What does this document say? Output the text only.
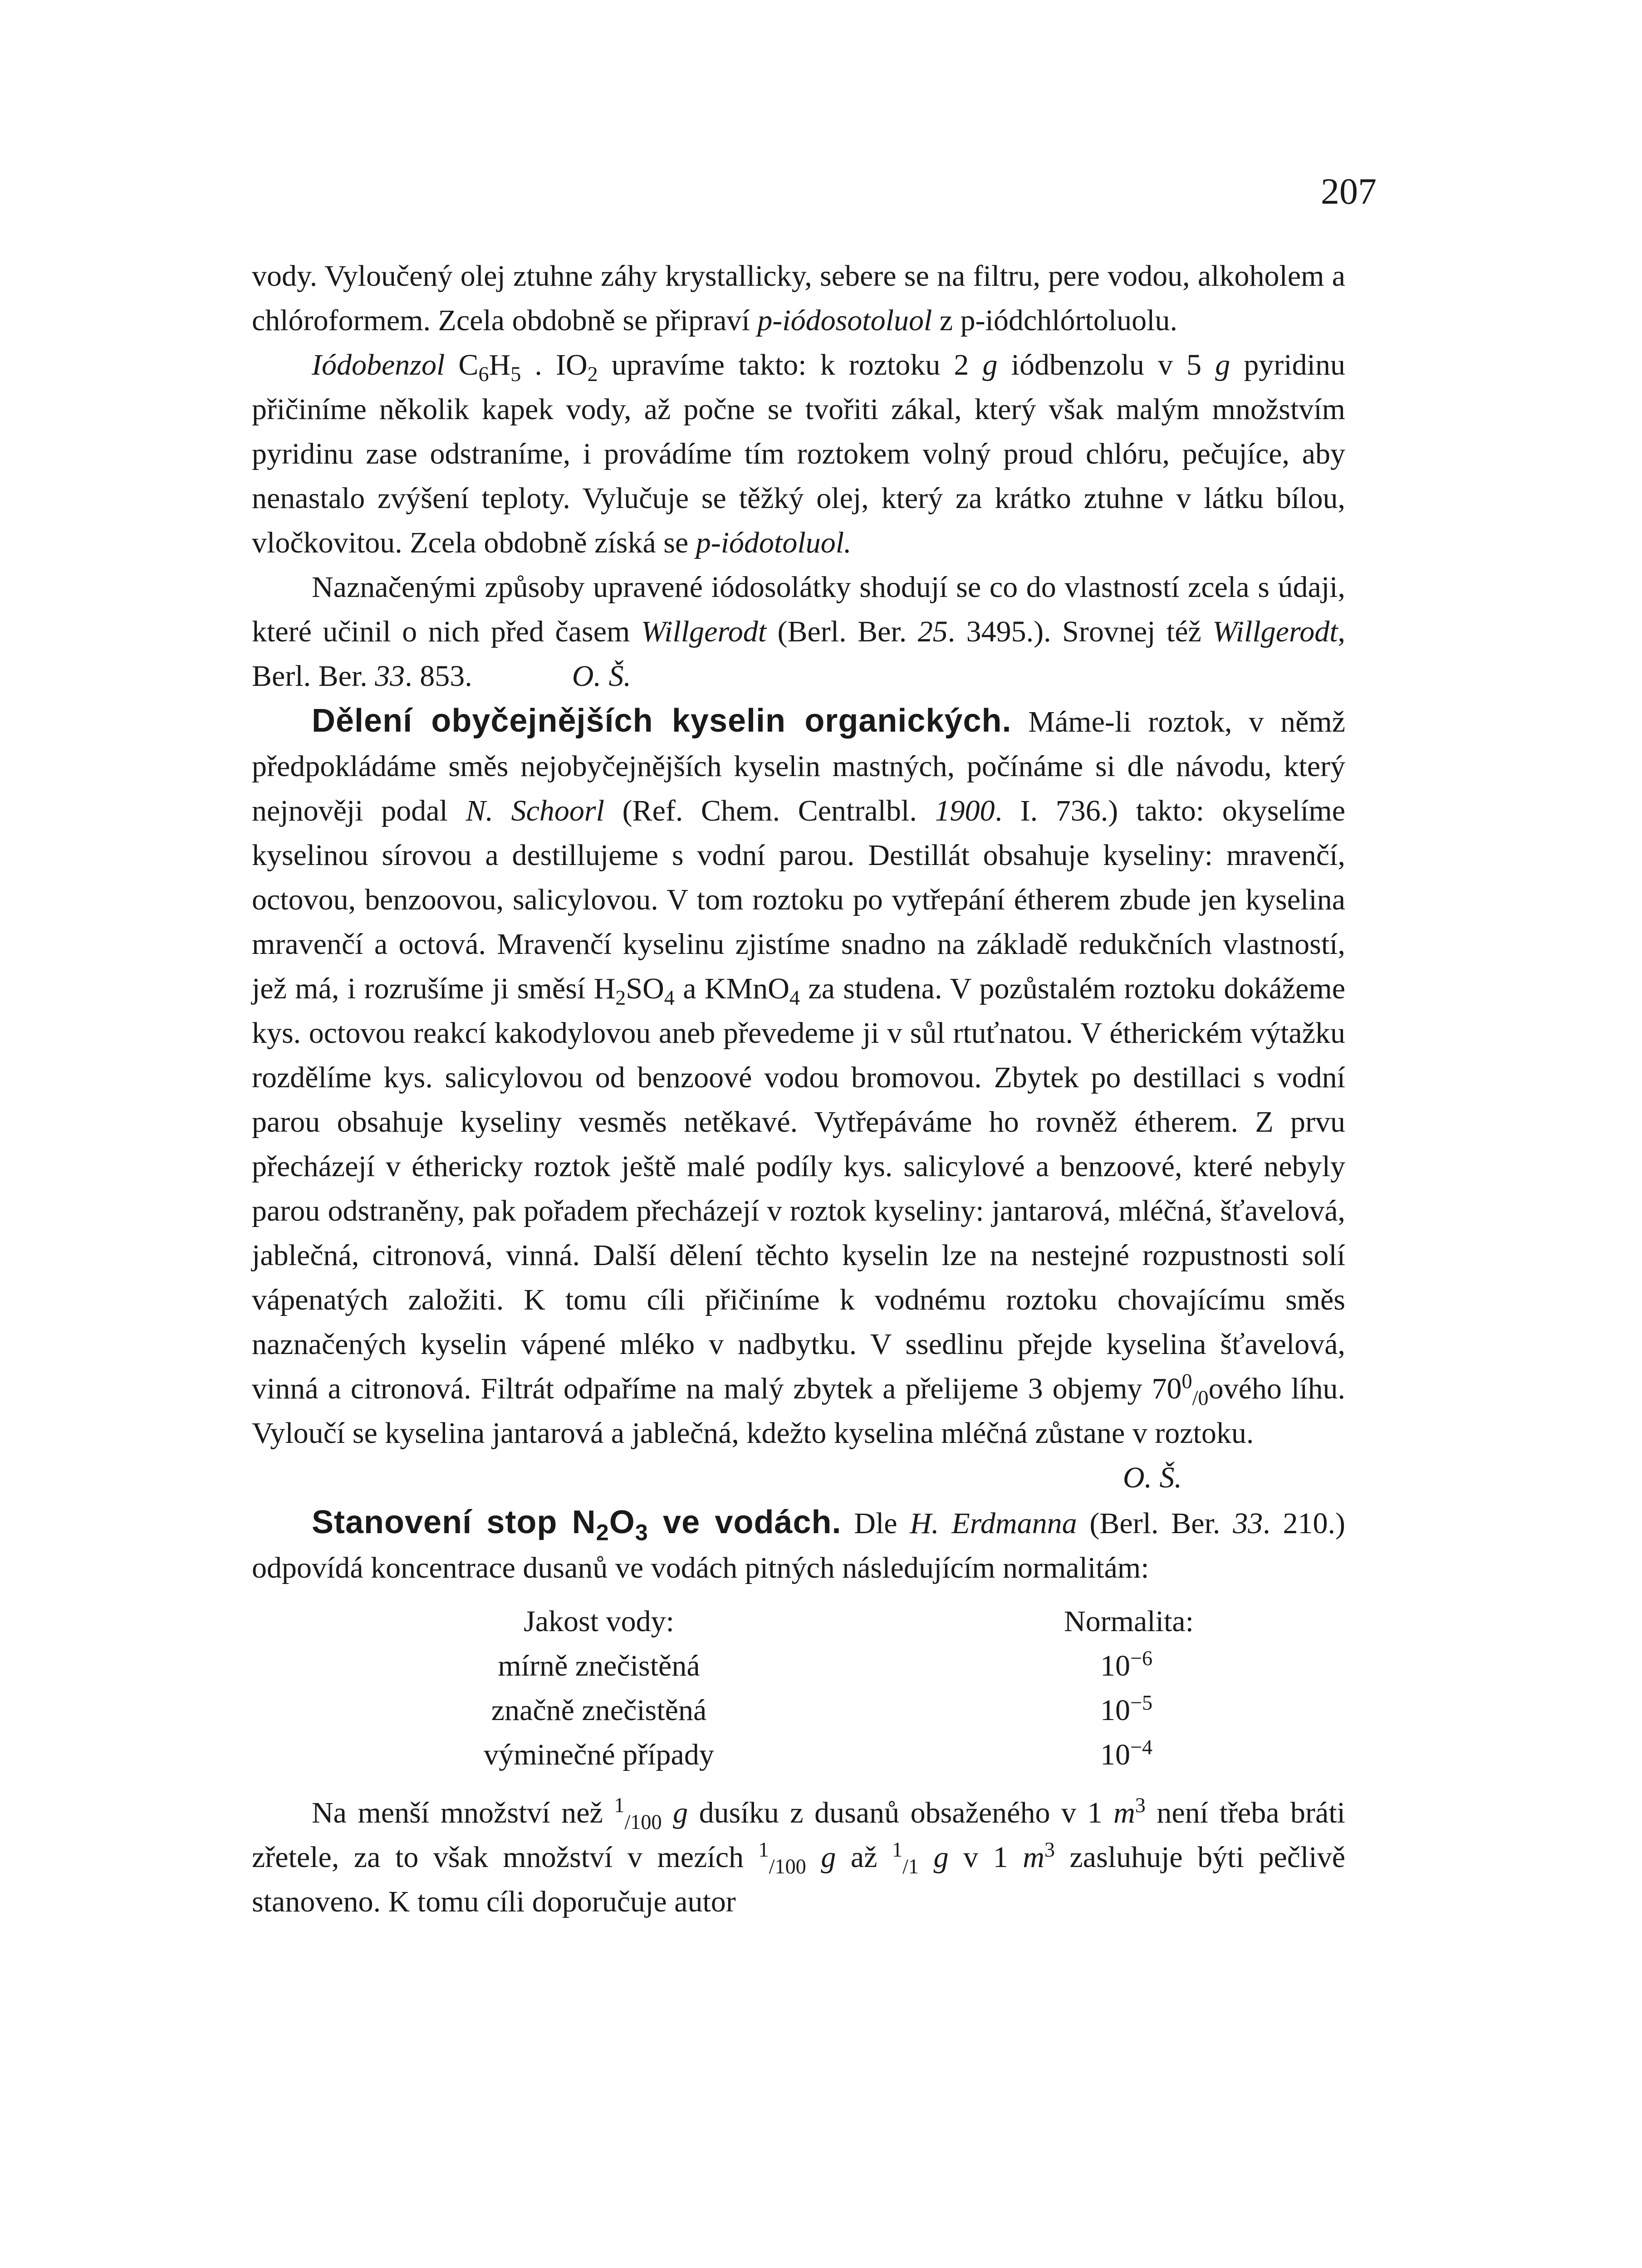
207

vody. Vyloučený olej ztuhne záhy krystallicky, sebere se na filtru, pere vodou, alkoholem a chlóroformem. Zcela obdobně se připraví p-iódosotoluol z p-iódchlórtoluolu.

  Iódobenzol $C_6H_5$ . $IO_2$ upravíme takto: k roztoku 2 g iódbenzolu v 5 g pyridinu přičiníme několik kapek vody, až počne se tvořiti zákal, který však malým množstvím pyridinu zase odstraníme, i provádíme tím roztokem volný proud chlóru, pečujíce, aby nenastalo zvýšení teploty. Vylučuje se těžký olej, který za krátko ztuhne v látku bílou, vločkovitou. Zcela obdobně získá se p-iódotoluol.

  Naznačenými způsoby upravené iódosolátky shodují se co do vlastností zcela s údaji, které učinil o nich před časem Willgerodt (Berl. Ber. 25. 3495.). Srovnej též Willgerodt, Berl. Ber. 33. 853.	O. Š.

  Dělení obyčejnějších kyselin organických. Máme-li roztok, v němž předpokládáme směs nejobyčejnějších kyselin mastných, počínáme si dle návodu, který nejnověji podal N. Schoorl (Ref. Chem. Centralbl. 1900. I. 736.) takto: okyselíme kyselinou sírovou a destillujeme s vodní parou. Destillát obsahuje kyseliny: mravenčí, octovou, benzoovou, salicylovou. V tom roztoku po vytřepání étherem zbude jen kyselina mravenčí a octová. Mravenčí kyselinu zjistíme snadno na základě redukčních vlastností, jež má, i rozrušíme ji směsí $H_2SO_4$ a KMnO$_4$ za studena. V pozůstalém roztoku dokážeme kys. octovou reakcí kakodylovou aneb převedeme ji v sůl rtuťnatou. V étherickém výtažku rozdělíme kys. salicylovou od benzoové vodou bromovou. Zbytek po destillaci s vodní parou obsahuje kyseliny vesměs netěkavé. Vytřepáváme ho rovněž étherem. Z prvu přecházejí v éthericky roztok ještě malé podíly kys. salicylové a benzoové, které nebyly parou odstraněny, pak pořadem přecházejí v roztok kyseliny: jantarová, mléčná, šťavelová, jablečná, citronová, vinná. Další dělení těchto kyselin lze na nestejné rozpustnosti solí vápenatých založiti. K tomu cíli přičiníme k vodnému roztoku chovajícímu směs naznačených kyselin vápené mléko v nadbytku. V ssedlinu přejde kyselina šťavelová, vinná a citronová. Filtrát odpaříme na malý zbytek a přelijeme 3 objemy $70^0_{/0}ového$ líhu. Vyloučí se kyselina jantarová a jablečná, kdežto kyselina mléčná zůstane v roztoku.

O. Š.

  Stanovení stop $N_2O_3$ ve vodách. Dle H. Erdmanna (Berl. Ber. 33. 210.) odpovídá koncentrace dusanů ve vodách pitných následujícím normalitám:

Jakost vody:	Normalita:
mírně znečistěná	$10^{-6}$
značně znečistěná	$10^{-5}$
výminečné případy	$10^{-4}$

  Na menší množství než $^1_{/100}$ g dusíku z dusanů obsaženého v 1 $m^3$ není třeba bráti zřetele, za to však množství v mezích $^1_{/100}$ g až $^1_{/1}$ g v 1 $m^3$ zasluhuje býti pečlivě stanoveno. K tomu cíli doporučuje autor
